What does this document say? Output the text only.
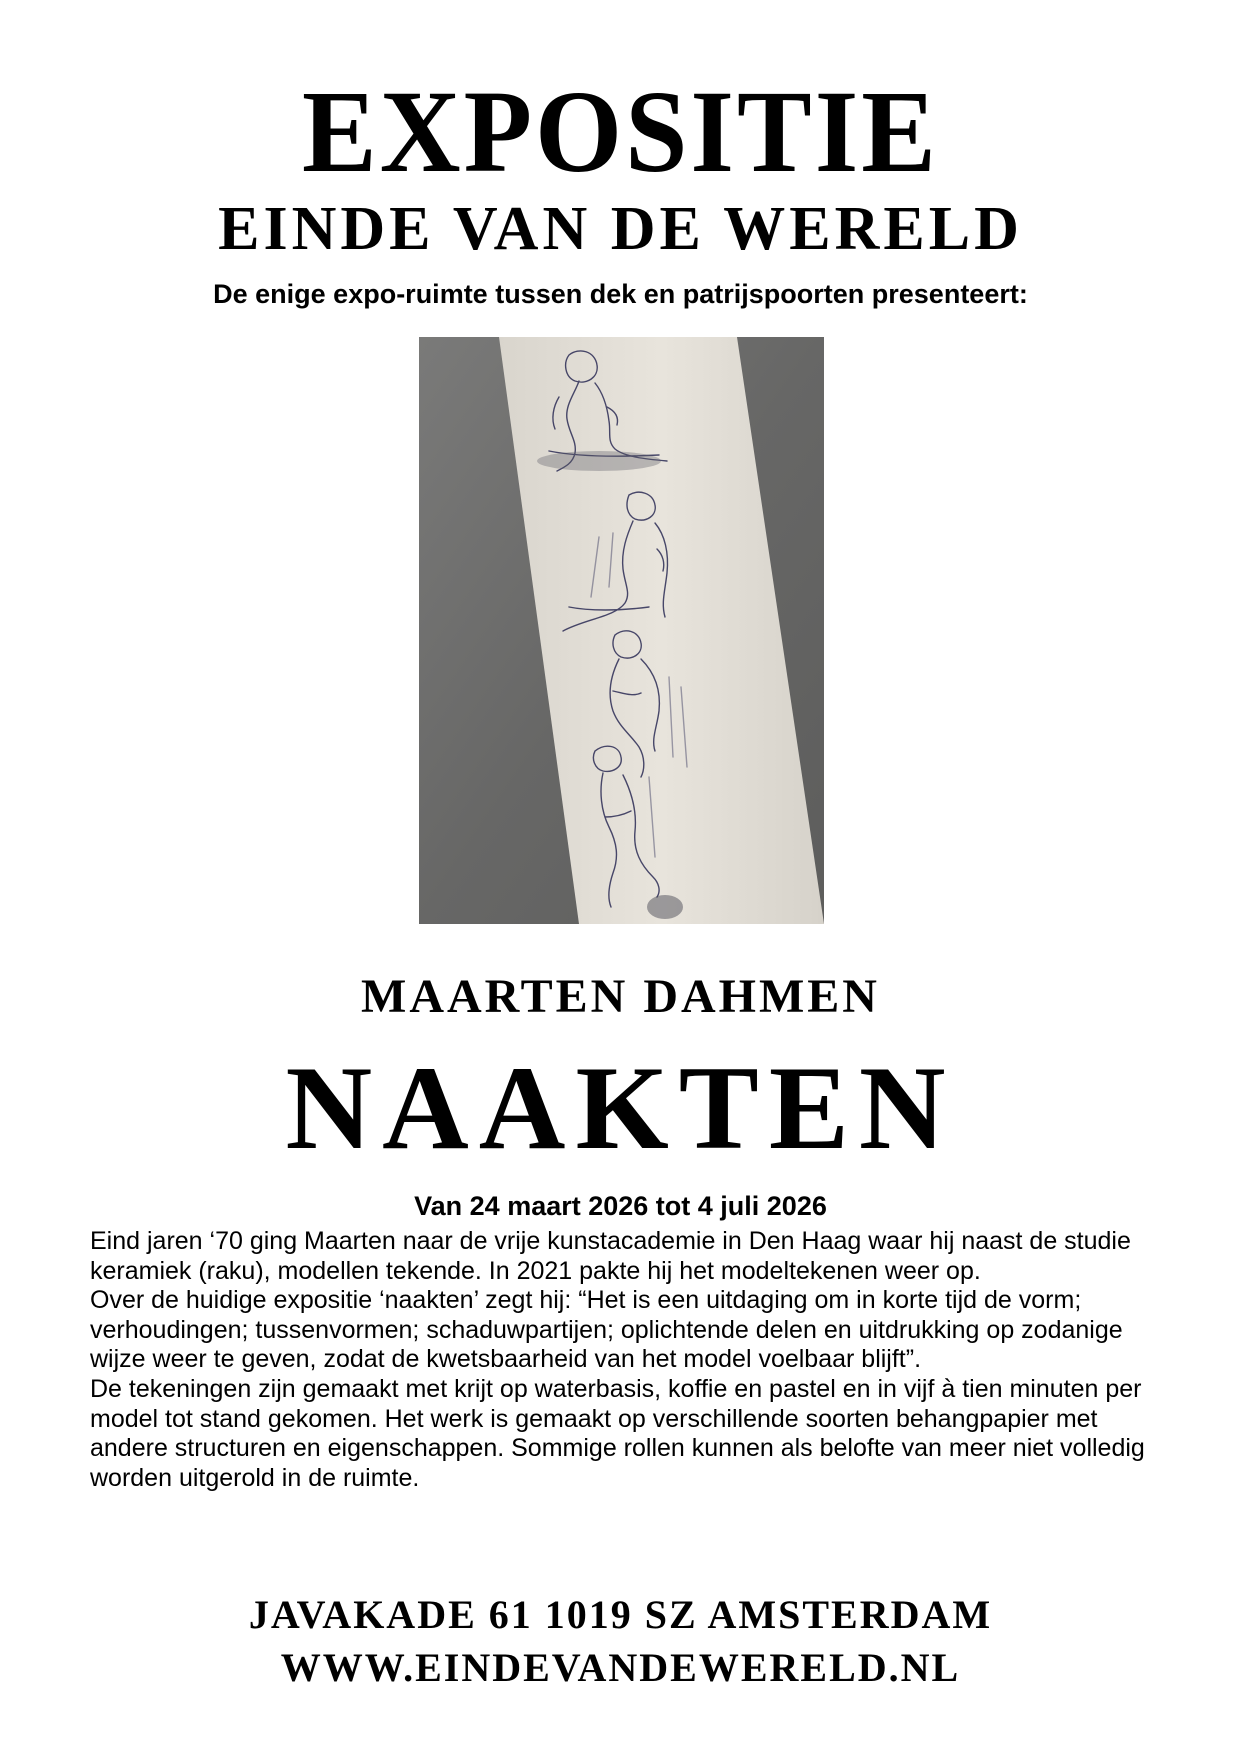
EXPOSITIE
EINDE VAN DE WERELD
De enige expo-ruimte tussen dek en patrijspoorten presenteert:
MAARTEN DAHMEN
NAAKTEN
Van 24 maart 2026 tot 4 juli 2026

Eind jaren ‘70 ging Maarten naar de vrije kunstacademie in Den Haag waar hij naast de studie keramiek (raku), modellen tekende. In 2021 pakte hij het modeltekenen weer op.

Over de huidige expositie ‘naakten’ zegt hij: “Het is een uitdaging om in korte tijd de vorm; verhoudingen; tussenvormen; schaduwpartijen; oplichtende delen en uitdrukking op zodanige wijze weer te geven, zodat de kwetsbaarheid van het model voelbaar blijft”.

De tekeningen zijn gemaakt met krijt op waterbasis, koffie en pastel en in vijf à tien minuten per model tot stand gekomen. Het werk is gemaakt op verschillende soorten behangpapier met andere structuren en eigenschappen. Sommige rollen kunnen als belofte van meer niet volledig worden uitgerold in de ruimte.

JAVAKADE 61 1019 SZ AMSTERDAM
WWW.EINDEVANDEWERELD.NL
